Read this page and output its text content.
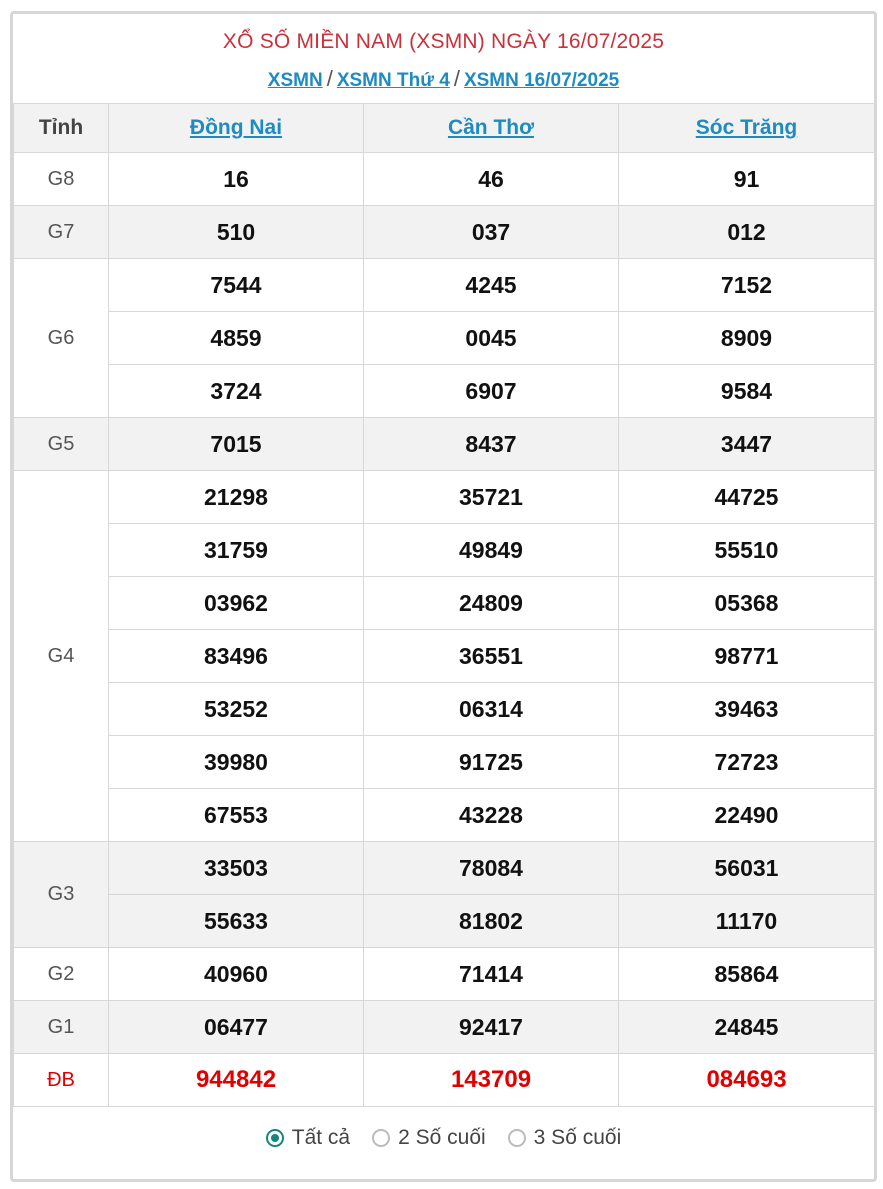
XỔ SỐ MIỀN NAM (XSMN) NGÀY 16/07/2025
XSMN / XSMN Thứ 4 / XSMN 16/07/2025
Tỉnh	Đồng Nai	Cần Thơ	Sóc Trăng
G8	16	46	91
G7	510	037	012
G6	7544	4245	7152
	4859	0045	8909
	3724	6907	9584
G5	7015	8437	3447
G4	21298	35721	44725
	31759	49849	55510
	03962	24809	05368
	83496	36551	98771
	53252	06314	39463
	39980	91725	72723
	67553	43228	22490
G3	33503	78084	56031
	55633	81802	11170
G2	40960	71414	85864
G1	06477	92417	24845
ĐB	944842	143709	084693
Tất cả 2 Số cuối 3 Số cuối
